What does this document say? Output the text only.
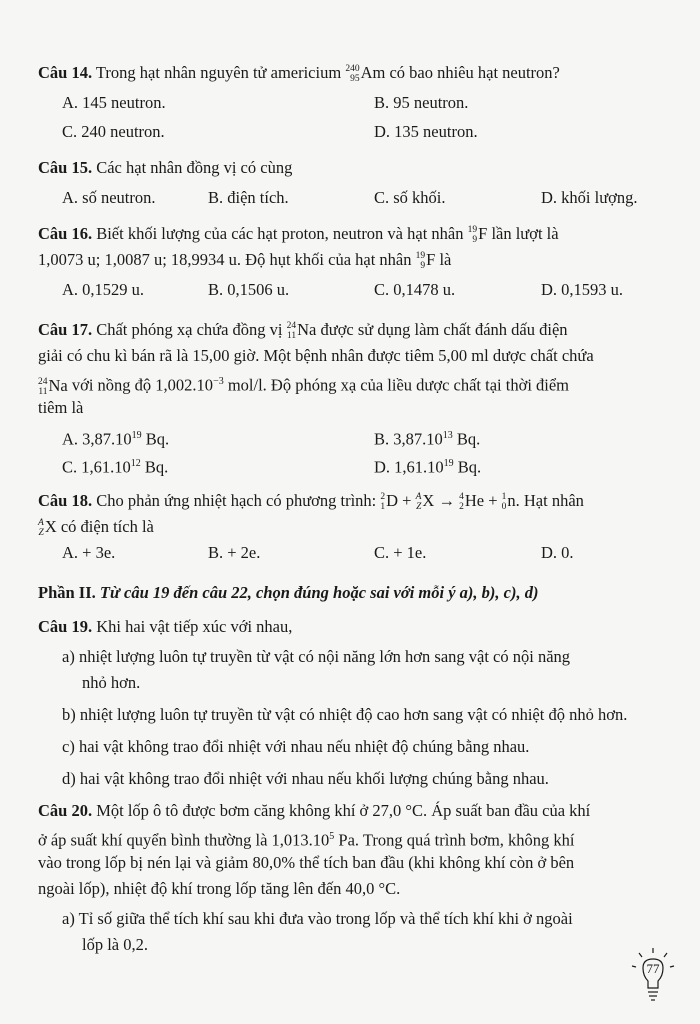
Câu 14. Trong hạt nhân nguyên tử americium 240
95 Am có bao nhiêu hạt neutron?
A. 145 neutron.	B. 95 neutron.
C. 240 neutron.	D. 135 neutron.
Câu 15. Các hạt nhân đồng vị có cùng
A. số neutron.	B. điện tích.	C. số khối.	D. khối lượng.
Câu 16. Biết khối lượng của các hạt proton, neutron và hạt nhân 19
9 F lần lượt là
1,0073 u; 1,0087 u; 18,9934 u. Độ hụt khối của hạt nhân 19
9 F là
A. 0,1529 u.	B. 0,1506 u.	C. 0,1478 u.	D. 0,1593 u.
Câu 17. Chất phóng xạ chứa đồng vị 24
11 Na được sử dụng làm chất đánh dấu điện
giải có chu kì bán rã là 15,00 giờ. Một bệnh nhân được tiêm 5,00 ml dược chất chứa
24
11 Na với nồng độ $1,002.10^{-3}$ mol/l. Độ phóng xạ của liều dược chất tại thời điểm
tiêm là
A. 3,87.10$^{19}$ Bq.	B. 3,87.10$^{13}$ Bq.
C. 1,61.10$^{12}$ Bq.	D. 1,61.10$^{19}$ Bq.
Câu 18. Cho phản ứng nhiệt hạch có phương trình: 2
1 D + A
Z X → 4
2 He + 1
0 n. Hạt nhân
A
Z X có điện tích là
A. + 3e.	B. + 2e.	C. + 1e.	D. 0.
Phần II. Từ câu 19 đến câu 22, chọn đúng hoặc sai với mỗi ý a), b), c), d)
Câu 19. Khi hai vật tiếp xúc với nhau,
a) nhiệt lượng luôn tự truyền từ vật có nội năng lớn hơn sang vật có nội năng
nhỏ hơn.
b) nhiệt lượng luôn tự truyền từ vật có nhiệt độ cao hơn sang vật có nhiệt độ nhỏ hơn.
c) hai vật không trao đổi nhiệt với nhau nếu nhiệt độ chúng bằng nhau.
d) hai vật không trao đổi nhiệt với nhau nếu khối lượng chúng bằng nhau.
Câu 20. Một lốp ô tô được bơm căng không khí ở 27,0 °C. Áp suất ban đầu của khí
ở áp suất khí quyển bình thường là 1,013.10$^5$ Pa. Trong quá trình bơm, không khí
vào trong lốp bị nén lại và giảm 80,0% thể tích ban đầu (khi không khí còn ở bên
ngoài lốp), nhiệt độ khí trong lốp tăng lên đến 40,0 °C.
a) Tỉ số giữa thể tích khí sau khi đưa vào trong lốp và thể tích khí khi ở ngoài
lốp là 0,2.
77
